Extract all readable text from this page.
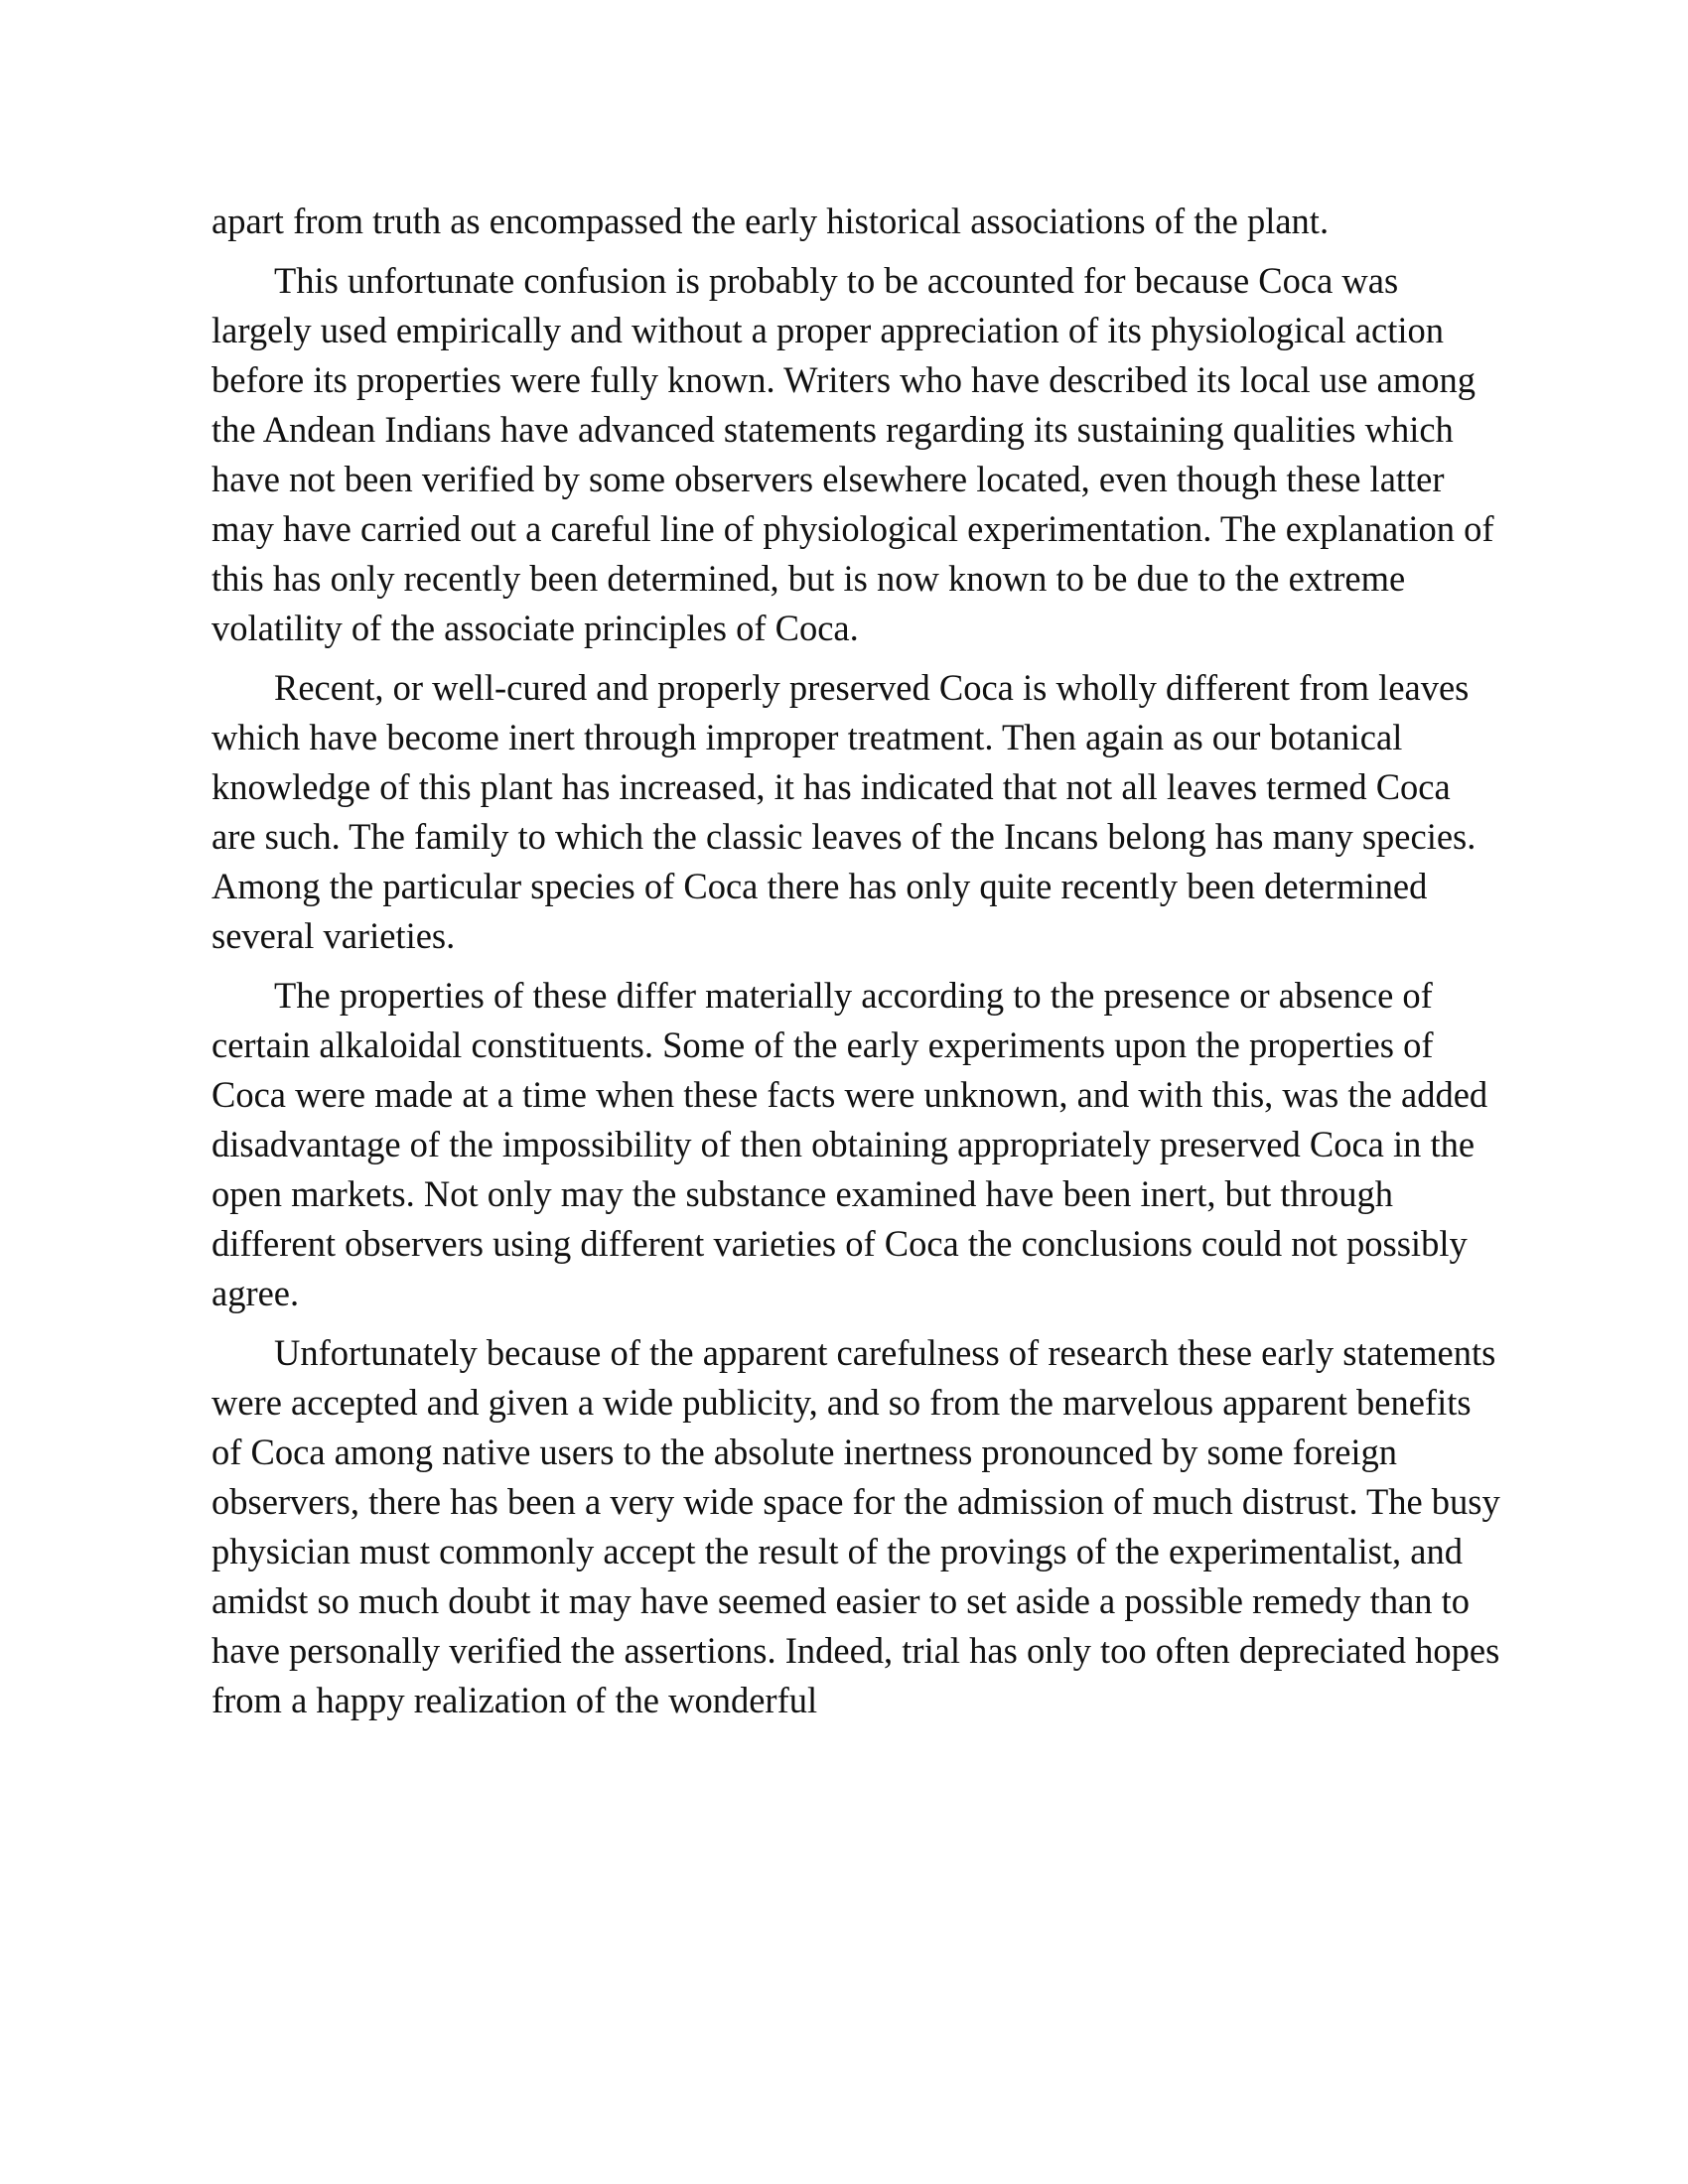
apart from truth as encompassed the early historical associations of the plant.

This unfortunate confusion is probably to be accounted for because Coca was largely used empirically and without a proper appreciation of its physiological action before its properties were fully known. Writers who have described its local use among the Andean Indians have advanced statements regarding its sustaining qualities which have not been verified by some observers elsewhere located, even though these latter may have carried out a careful line of physiological experimentation. The explanation of this has only recently been determined, but is now known to be due to the extreme volatility of the associate principles of Coca.

Recent, or well-cured and properly preserved Coca is wholly different from leaves which have become inert through improper treatment. Then again as our botanical knowledge of this plant has increased, it has indicated that not all leaves termed Coca are such. The family to which the classic leaves of the Incans belong has many species. Among the particular species of Coca there has only quite recently been determined several varieties.

The properties of these differ materially according to the presence or absence of certain alkaloidal constituents. Some of the early experiments upon the properties of Coca were made at a time when these facts were unknown, and with this, was the added disadvantage of the impossibility of then obtaining appropriately preserved Coca in the open markets. Not only may the substance examined have been inert, but through different observers using different varieties of Coca the conclusions could not possibly agree.

Unfortunately because of the apparent carefulness of research these early statements were accepted and given a wide publicity, and so from the marvelous apparent benefits of Coca among native users to the absolute inertness pronounced by some foreign observers, there has been a very wide space for the admission of much distrust. The busy physician must commonly accept the result of the provings of the experimentalist, and amidst so much doubt it may have seemed easier to set aside a possible remedy than to have personally verified the assertions. Indeed, trial has only too often depreciated hopes from a happy realization of the wonderful
